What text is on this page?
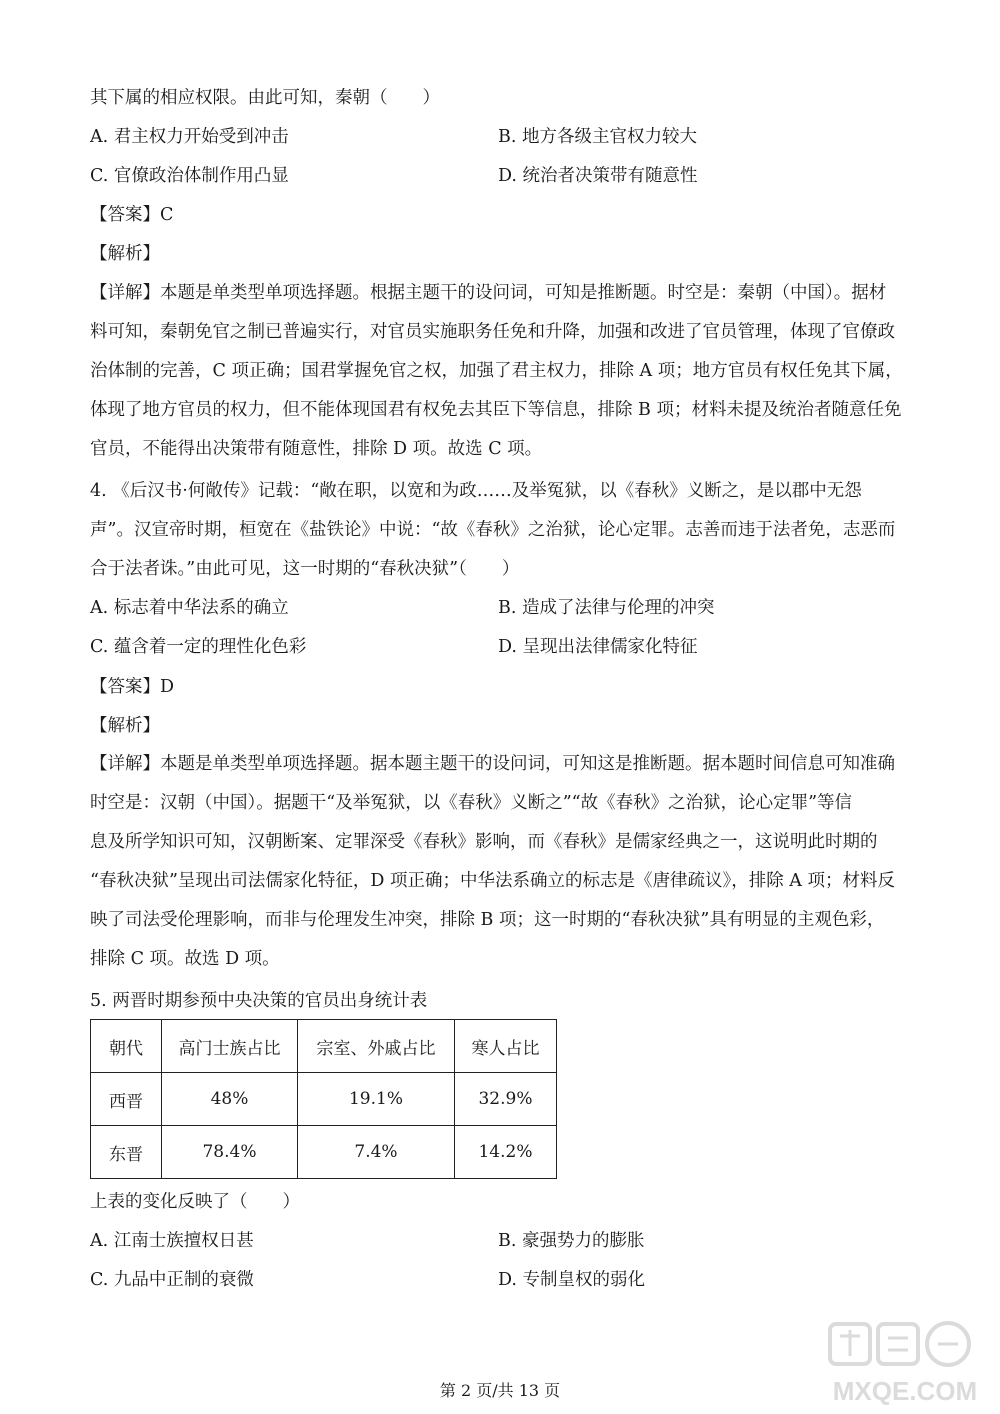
其下属的相应权限。由此可知，秦朝（　　）
A. 君主权力开始受到冲击	B. 地方各级主官权力较大
C. 官僚政治体制作用凸显	D. 统治者决策带有随意性
【答案】C
【解析】
【详解】本题是单类型单项选择题。根据主题干的设问词，可知是推断题。时空是：秦朝（中国）。据材
料可知，秦朝免官之制已普遍实行，对官员实施职务任免和升降，加强和改进了官员管理，体现了官僚政
治体制的完善，C 项正确；国君掌握免官之权，加强了君主权力，排除 A 项；地方官员有权任免其下属，
体现了地方官员的权力，但不能体现国君有权免去其臣下等信息，排除 B 项；材料未提及统治者随意任免
官员，不能得出决策带有随意性，排除 D 项。故选 C 项。
4. 《后汉书·何敞传》记载：“敞在职，以宽和为政……及举冤狱，以《春秋》义断之，是以郡中无怨
声”。汉宣帝时期，桓宽在《盐铁论》中说：“故《春秋》之治狱，论心定罪。志善而违于法者免，志恶而
合于法者诛。”由此可见，这一时期的“春秋决狱”（　　）
A. 标志着中华法系的确立	B. 造成了法律与伦理的冲突
C. 蕴含着一定的理性化色彩	D. 呈现出法律儒家化特征
【答案】D
【解析】
【详解】本题是单类型单项选择题。据本题主题干的设问词，可知这是推断题。据本题时间信息可知准确
时空是：汉朝（中国）。据题干“及举冤狱，以《春秋》义断之”“故《春秋》之治狱，论心定罪”等信
息及所学知识可知，汉朝断案、定罪深受《春秋》影响，而《春秋》是儒家经典之一，这说明此时期的
“春秋决狱”呈现出司法儒家化特征，D 项正确；中华法系确立的标志是《唐律疏议》，排除 A 项；材料反
映了司法受伦理影响，而非与伦理发生冲突，排除 B 项；这一时期的“春秋决狱”具有明显的主观色彩，
排除 C 项。故选 D 项。
5. 两晋时期参预中央决策的官员出身统计表
朝代	高门士族占比	宗室、外戚占比	寒人占比
西晋	48%	19.1%	32.9%
东晋	78.4%	7.4%	14.2%
上表的变化反映了（　　）
A. 江南士族擅权日甚	B. 豪强势力的膨胀
C. 九品中正制的衰微	D. 专制皇权的弱化
MXQE.COM
第 2 页/共 13 页
